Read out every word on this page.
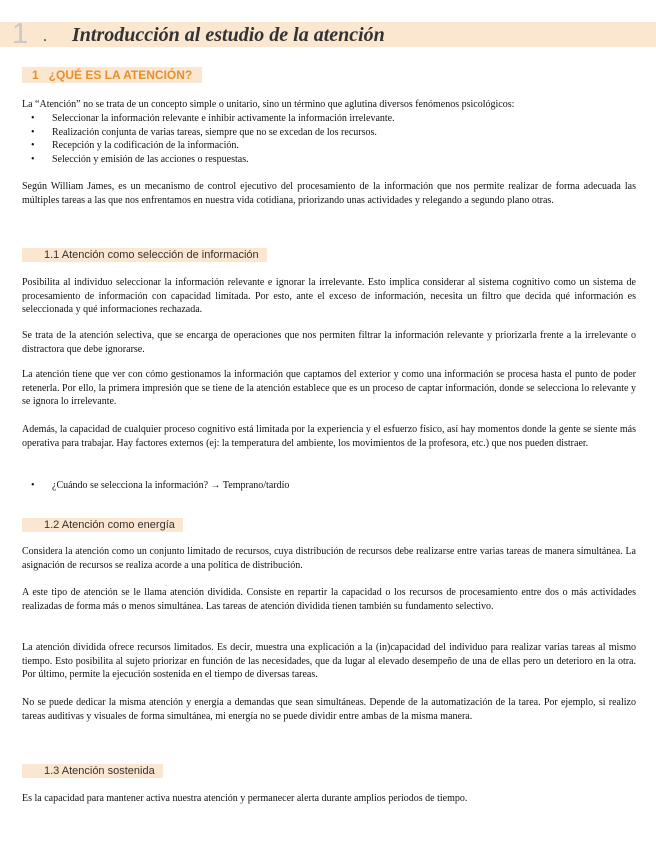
1 . Introducción al estudio de la atención
1   ¿QUÉ ES LA ATENCIÓN?

La “Atención” no se trata de un concepto simple o unitario, sino un término que aglutina diversos fenómenos psicológicos:

• Seleccionar la información relevante e inhibir activamente la información irrelevante.
• Realización conjunta de varias tareas, siempre que no se excedan de los recursos.
• Recepción y la codificación de la información.
• Selección y emisión de las acciones o respuestas.

Según William James, es un mecanismo de control ejecutivo del procesamiento de la información que nos permite realizar de forma adecuada las múltiples tareas a las que nos enfrentamos en nuestra vida cotidiana, priorizando unas actividades y relegando a segundo plano otras.

1.1 Atención como selección de información

Posibilita al individuo seleccionar la información relevante e ignorar la irrelevante. Esto implica considerar al sistema cognitivo como un sistema de procesamiento de información con capacidad limitada. Por esto, ante el exceso de información, necesita un filtro que decida qué información es seleccionada y qué informaciones rechazada.

Se trata de la atención selectiva, que se encarga de operaciones que nos permiten filtrar la información relevante y priorizarla frente a la irrelevante o distractora que debe ignorarse.

La atención tiene que ver con cómo gestionamos la información que captamos del exterior y como una información se procesa hasta el punto de poder retenerla. Por ello, la primera impresión que se tiene de la atención establece que es un proceso de captar información, donde se selecciona lo relevante y se ignora lo irrelevante.

Además, la capacidad de cualquier proceso cognitivo está limitada por la experiencia y el esfuerzo físico, así hay momentos donde la gente se siente más operativa para trabajar. Hay factores externos (ej: la temperatura del ambiente, los movimientos de la profesora, etc.) que nos pueden distraer.

• ¿Cuándo se selecciona la información? → Temprano/tardío
1.2 Atención como energía

Considera la atención como un conjunto limitado de recursos, cuya distribución de recursos debe realizarse entre varias tareas de manera simultánea. La asignación de recursos se realiza acorde a una política de distribución.

A este tipo de atención se le llama atención dividida. Consiste en repartir la capacidad o los recursos de procesamiento entre dos o más actividades realizadas de forma más o menos simultánea. Las tareas de atención dividida tienen también su fundamento selectivo.

La atención dividida ofrece recursos limitados. Es decir, muestra una explicación a la (in)capacidad del individuo para realizar varias tareas al mismo tiempo. Esto posibilita al sujeto priorizar en función de las necesidades, que da lugar al elevado desempeño de una de ellas pero un deterioro en la otra. Por último, permite la ejecución sostenida en el tiempo de diversas tareas.

No se puede dedicar la misma atención y energía a demandas que sean simultáneas. Depende de la automatización de la tarea. Por ejemplo, si realizo tareas auditivas y visuales de forma simultánea, mi energía no se puede dividir entre ambas de la misma manera.

1.3 Atención sostenida

Es la capacidad para mantener activa nuestra atención y permanecer alerta durante amplios periodos de tiempo.
